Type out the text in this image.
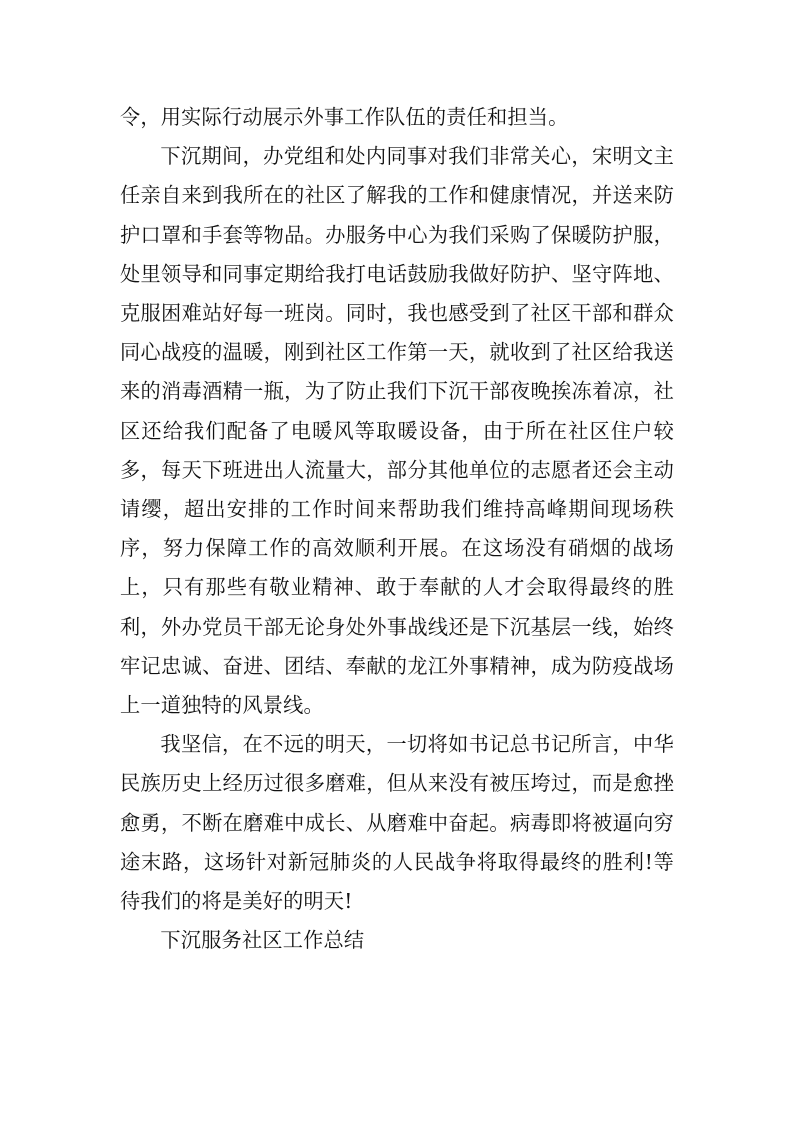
令，用实际行动展示外事工作队伍的责任和担当。

下沉期间，办党组和处内同事对我们非常关心，宋明文主任亲自来到我所在的社区了解我的工作和健康情况，并送来防护口罩和手套等物品。办服务中心为我们采购了保暖防护服，处里领导和同事定期给我打电话鼓励我做好防护、坚守阵地、克服困难站好每一班岗。同时，我也感受到了社区干部和群众同心战疫的温暖，刚到社区工作第一天，就收到了社区给我送来的消毒酒精一瓶，为了防止我们下沉干部夜晚挨冻着凉，社区还给我们配备了电暖风等取暖设备，由于所在社区住户较多，每天下班进出人流量大，部分其他单位的志愿者还会主动请缨，超出安排的工作时间来帮助我们维持高峰期间现场秩序，努力保障工作的高效顺利开展。在这场没有硝烟的战场上，只有那些有敬业精神、敢于奉献的人才会取得最终的胜利，外办党员干部无论身处外事战线还是下沉基层一线，始终牢记忠诚、奋进、团结、奉献的龙江外事精神，成为防疫战场上一道独特的风景线。

我坚信，在不远的明天，一切将如书记总书记所言，中华民族历史上经历过很多磨难，但从来没有被压垮过，而是愈挫愈勇，不断在磨难中成长、从磨难中奋起。病毒即将被逼向穷途末路，这场针对新冠肺炎的人民战争将取得最终的胜利!等待我们的将是美好的明天!

下沉服务社区工作总结
